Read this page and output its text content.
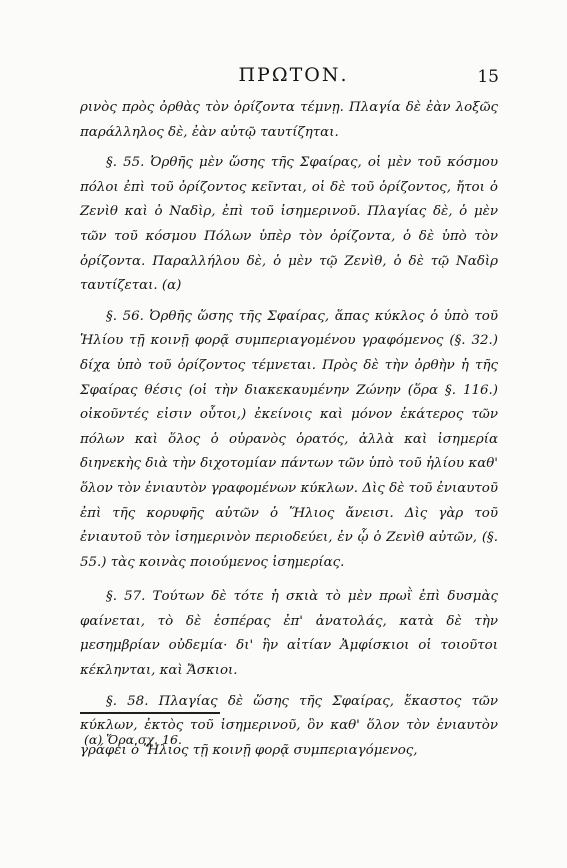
ΠΡΩΤΟΝ.	15

ρινὸς πρὸς ὀρθὰς τὸν ὁρίζοντα τέμνῃ. Πλαγία δὲ ἐὰν λοξῶς παράλληλος δὲ, ἐὰν αὐτῷ ταυτίζηται.

§. 55. Ὀρθῆς μὲν ὥσης τῆς Σφαίρας, οἱ μὲν τοῦ κόσμου πόλοι ἐπὶ τοῦ ὁρίζοντος κεῖνται, οἱ δὲ τοῦ ὁρίζοντος, ἤτοι ὁ Ζενὶθ καὶ ὁ Ναδὶρ, ἐπὶ τοῦ ἰσημερινοῦ. Πλαγίας δὲ, ὁ μὲν τῶν τοῦ κόσμου Πόλων ὑπὲρ τὸν ὁρίζοντα, ὁ δὲ ὑπὸ τὸν ὁρίζοντα. Παραλλήλου δὲ, ὁ μὲν τῷ Ζενὶθ, ὁ δὲ τῷ Ναδὶρ ταυτίζεται. (α)

§. 56. Ὀρθῆς ὥσης τῆς Σφαίρας, ἅπας κύκλος ὁ ὑπὸ τοῦ Ἡλίου τῇ κοινῇ φορᾷ συμπεριαγομένου γραφόμενος (§. 32.) δίχα ὑπὸ τοῦ ὁρίζοντος τέμνεται. Πρὸς δὲ τὴν ὀρθὴν ἡ τῆς Σφαίρας θέσις (οἱ τὴν διακεκαυμένην Ζώνην (ὅρα §. 116.) οἰκοῦντές εἰσιν οὗτοι,) ἐκείνοις καὶ μόνον ἑκάτερος τῶν πόλων καὶ ὅλος ὁ οὐρανὸς ὁρατός, ἀλλὰ καὶ ἰσημερία διηνεκὴς διὰ τὴν διχοτομίαν πάντων τῶν ὑπὸ τοῦ ἡλίου καθ' ὅλον τὸν ἐνιαυτὸν γραφομένων κύκλων. Δὶς δὲ τοῦ ἐνιαυτοῦ ἐπὶ τῆς κορυφῆς αὐτῶν ὁ Ἥλιος ἄνεισι. Δὶς γὰρ τοῦ ἐνιαυτοῦ τὸν ἰσημερινὸν περιοδεύει, ἐν ᾧ ὁ Ζενὶθ αὐτῶν, (§. 55.) τὰς κοινὰς ποιούμενος ἰσημερίας.

§. 57. Τούτων δὲ τότε ἡ σκιὰ τὸ μὲν πρωῒ ἐπὶ δυσμὰς φαίνεται, τὸ δὲ ἑσπέρας ἐπ' ἀνατολάς, κατὰ δὲ τὴν μεσημβρίαν οὐδεμία· δι' ἣν αἰτίαν Ἀμφίσκιοι οἱ τοιοῦτοι κέκληνται, καὶ Ἄσκιοι.

§. 58. Πλαγίας δὲ ὥσης τῆς Σφαίρας, ἕκαστος τῶν κύκλων, ἐκτὸς τοῦ ἰσημερινοῦ, ὃν καθ' ὅλον τὸν ἐνιαυτὸν γράφει ὁ Ἥλιος τῇ κοινῇ φορᾷ συμπεριαγόμενος,

(α) Ὅρα σχ. 16.
